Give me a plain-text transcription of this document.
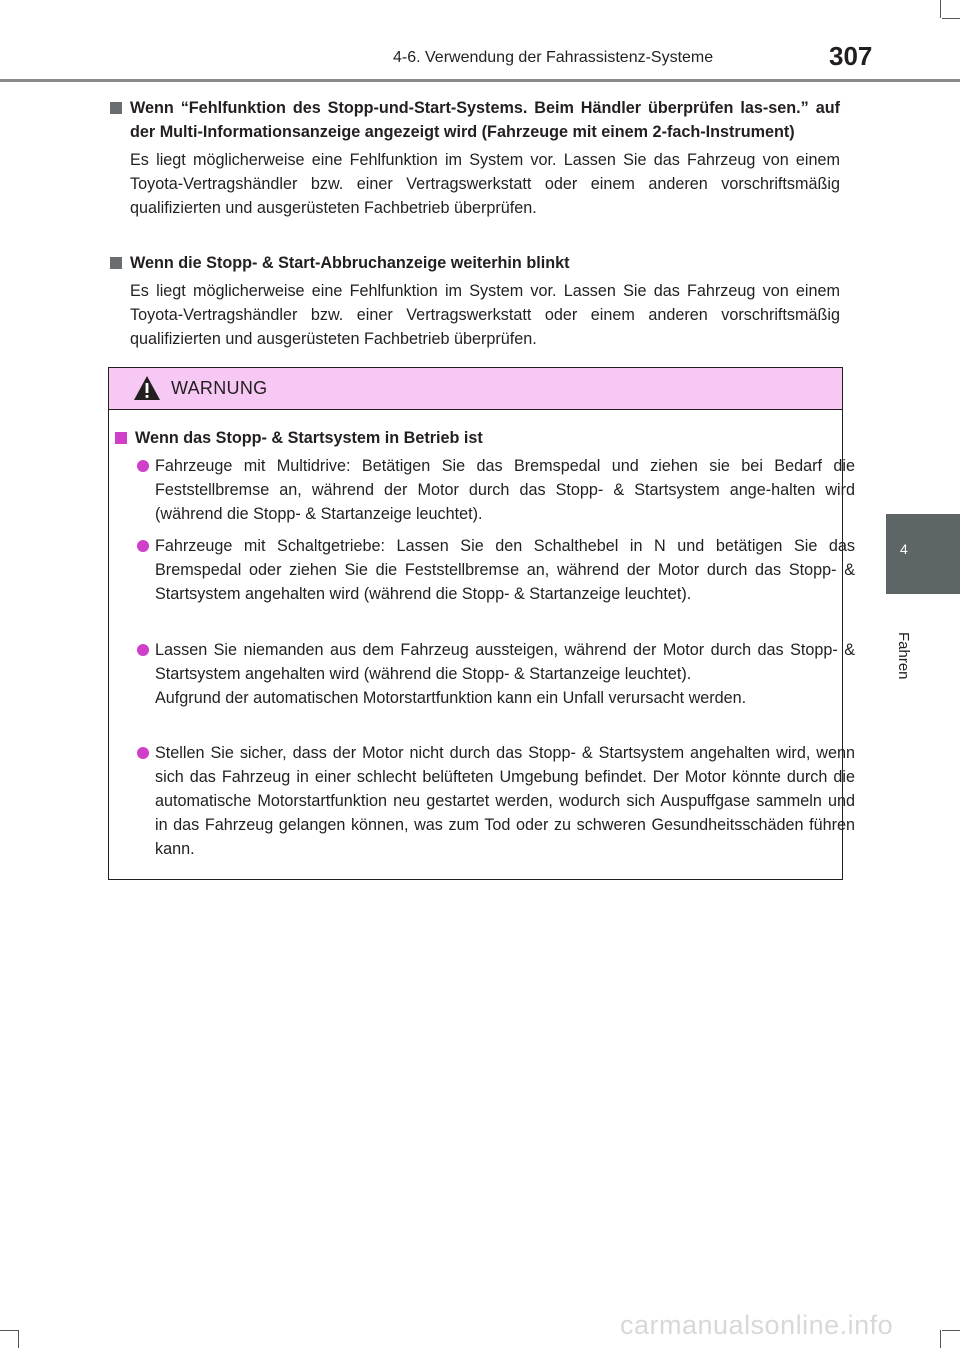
4-6. Verwendung der Fahrassistenz-Systeme	307
4
Fahren
Wenn “Fehlfunktion des Stopp-und-Start-Systems. Beim Händler überprüfen las-sen.” auf der Multi-Informationsanzeige angezeigt wird (Fahrzeuge mit einem 2-fach-Instrument)
Es liegt möglicherweise eine Fehlfunktion im System vor. Lassen Sie das Fahrzeug von einem Toyota-Vertragshändler bzw. einer Vertragswerkstatt oder einem anderen vorschriftsmäßig qualifizierten und ausgerüsteten Fachbetrieb überprüfen.
Wenn die Stopp- & Start-Abbruchanzeige weiterhin blinkt
Es liegt möglicherweise eine Fehlfunktion im System vor. Lassen Sie das Fahrzeug von einem Toyota-Vertragshändler bzw. einer Vertragswerkstatt oder einem anderen vorschriftsmäßig qualifizierten und ausgerüsteten Fachbetrieb überprüfen.
WARNUNG
Wenn das Stopp- & Startsystem in Betrieb ist
Fahrzeuge mit Multidrive: Betätigen Sie das Bremspedal und ziehen sie bei Bedarf die Feststellbremse an, während der Motor durch das Stopp- & Startsystem ange-halten wird (während die Stopp- & Startanzeige leuchtet).
Fahrzeuge mit Schaltgetriebe: Lassen Sie den Schalthebel in N und betätigen Sie das Bremspedal oder ziehen Sie die Feststellbremse an, während der Motor durch das Stopp- & Startsystem angehalten wird (während die Stopp- & Startanzeige leuchtet).
Lassen Sie niemanden aus dem Fahrzeug aussteigen, während der Motor durch das Stopp- & Startsystem angehalten wird (während die Stopp- & Startanzeige leuchtet).
Aufgrund der automatischen Motorstartfunktion kann ein Unfall verursacht werden.
Stellen Sie sicher, dass der Motor nicht durch das Stopp- & Startsystem angehalten wird, wenn sich das Fahrzeug in einer schlecht belüfteten Umgebung befindet. Der Motor könnte durch die automatische Motorstartfunktion neu gestartet werden, wodurch sich Auspuffgase sammeln und in das Fahrzeug gelangen können, was zum Tod oder zu schweren Gesundheitsschäden führen kann.
carmanualsonline.info
